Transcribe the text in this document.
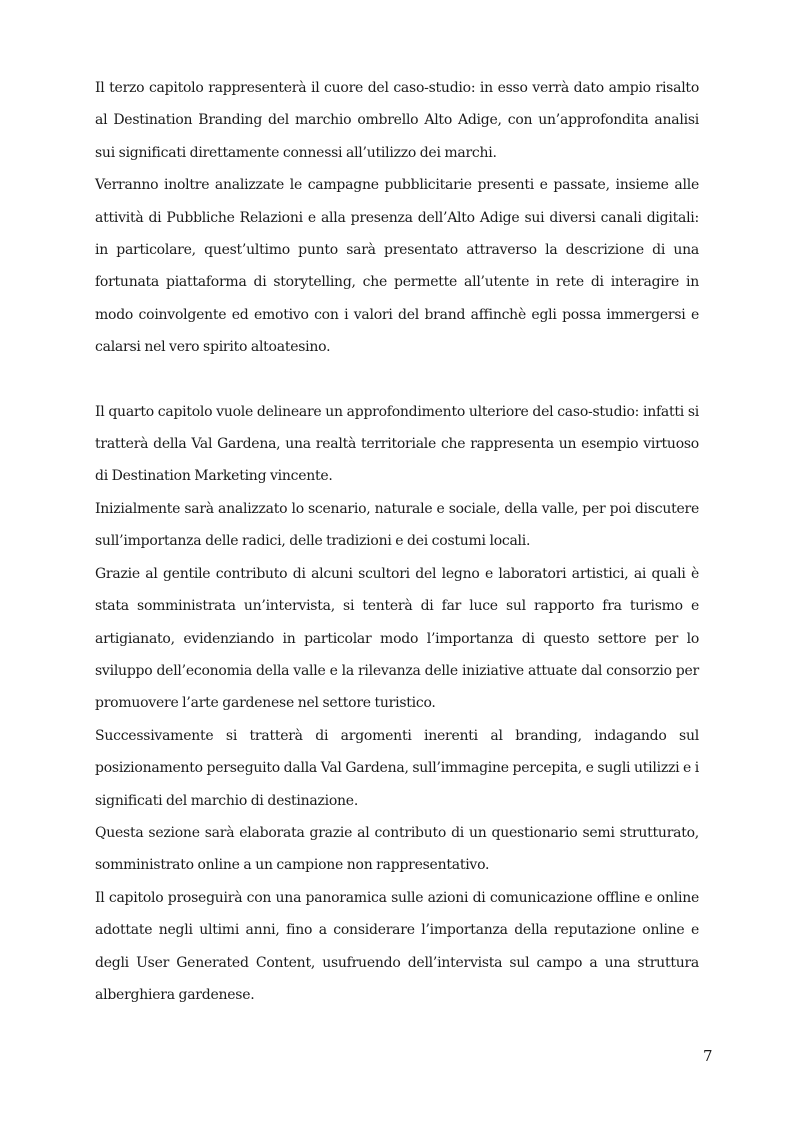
Il terzo capitolo rappresenterà il cuore del caso-studio: in esso verrà dato ampio risalto al Destination Branding del marchio ombrello Alto Adige, con un’approfondita analisi sui significati direttamente connessi all’utilizzo dei marchi.

Verranno inoltre analizzate le campagne pubblicitarie presenti e passate, insieme alle attività di Pubbliche Relazioni e alla presenza dell’Alto Adige sui diversi canali digitali: in particolare, quest’ultimo punto sarà presentato attraverso la descrizione di una fortunata piattaforma di storytelling, che permette all’utente in rete di interagire in modo coinvolgente ed emotivo con i valori del brand affinchè egli possa immergersi e calarsi nel vero spirito altoatesino.

Il quarto capitolo vuole delineare un approfondimento ulteriore del caso-studio: infatti si tratterà della Val Gardena, una realtà territoriale che rappresenta un esempio virtuoso di Destination Marketing vincente.

Inizialmente sarà analizzato lo scenario, naturale e sociale, della valle, per poi discutere sull’importanza delle radici, delle tradizioni e dei costumi locali.

Grazie al gentile contributo di alcuni scultori del legno e laboratori artistici, ai quali è stata somministrata un’intervista, si tenterà di far luce sul rapporto fra turismo e artigianato, evidenziando in particolar modo l’importanza di questo settore per lo sviluppo dell’economia della valle e la rilevanza delle iniziative attuate dal consorzio per promuovere l’arte gardenese nel settore turistico.

Successivamente si tratterà di argomenti inerenti al branding, indagando sul posizionamento perseguito dalla Val Gardena, sull’immagine percepita, e sugli utilizzi e i significati del marchio di destinazione.

Questa sezione sarà elaborata grazie al contributo di un questionario semi strutturato, somministrato online a un campione non rappresentativo.

Il capitolo proseguirà con una panoramica sulle azioni di comunicazione offline e online adottate negli ultimi anni, fino a considerare l’importanza della reputazione online e degli User Generated Content, usufruendo dell’intervista sul campo a una struttura alberghiera gardenese.

7
